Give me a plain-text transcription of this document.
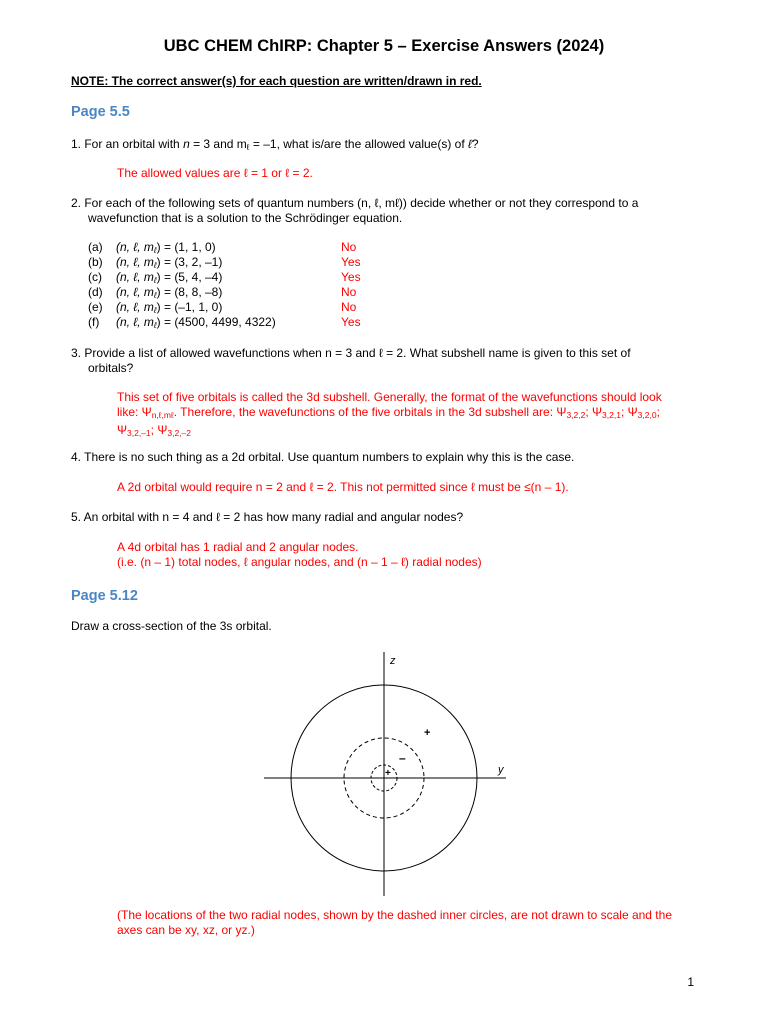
UBC CHEM ChIRP: Chapter 5 – Exercise Answers (2024)
NOTE: The correct answer(s) for each question are written/drawn in red.
Page 5.5
1. For an orbital with n = 3 and $m_\ell = -1$, what is/are the allowed value(s) of ℓ?
The allowed values are ℓ = 1 or ℓ = 2.
2. For each of the following sets of quantum numbers (n, ℓ, mℓ)) decide whether or not they correspond to a
wavefunction that is a solution to the Schrödinger equation.
(a) (n, ℓ, $m_\ell) = (1$, 1, 0)	No
(b) (n, ℓ, $m_\ell) = (3$, 2, –1)	Yes
(c) (n, ℓ, $m_\ell) = (5$, 4, –4)	Yes
(d) (n, ℓ, $m_\ell) = (8$, 8, –8)	No
(e) (n, ℓ, $m_\ell) = (-1$, 1, 0)	No
(f) (n, ℓ, $m_\ell) = (4500$, 4499, 4322)	Yes
3. Provide a list of allowed wavefunctions when n = 3 and ℓ = 2. What subshell name is given to this set of
orbitals?
This set of five orbitals is called the 3d subshell. Generally, the format of the wavefunctions should look
like: $\Psi_{n,\ell,m\ell}$. Therefore, the wavefunctions of the five orbitals in the 3d subshell are: $\Psi_{3,2,2}$; $\Psi_{3,2,1}$; $\Psi_{3,2,0}$;
$\Psi_{3,2,-1}$; $\Psi_{3,2,-2}$
4. There is no such thing as a 2d orbital. Use quantum numbers to explain why this is the case.
A 2d orbital would require n = 2 and ℓ = 2. This not permitted since ℓ must be ≤(n – 1).
5. An orbital with n = 4 and ℓ = 2 has how many radial and angular nodes?
A 4d orbital has 1 radial and 2 angular nodes.
(i.e. (n – 1) total nodes, ℓ angular nodes, and (n – 1 – ℓ) radial nodes)
Page 5.12
Draw a cross-section of the 3s orbital.
z
y
+
–
+
(The locations of the two radial nodes, shown by the dashed inner circles, are not drawn to scale and the
axes can be xy, xz, or yz.)
1
